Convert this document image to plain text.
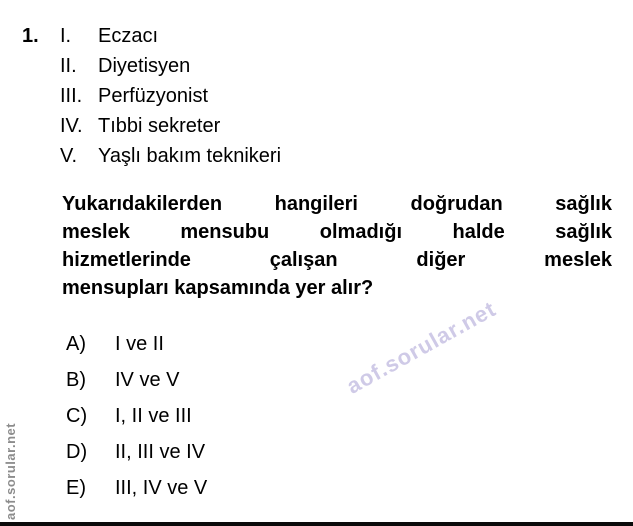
1. I.	Eczacı
II.	Diyetisyen
III. Perfüzyonist
IV. Tıbbi sekreter
V.	Yaşlı bakım teknikeri
Yukarıdakilerden hangileri doğrudan sağlık
meslek mensubu olmadığı halde sağlık
hizmetlerinde çalışan diğer meslek
mensupları kapsamında yer alır?
A)	I ve II
B)	IV ve V
C)	I, II ve III
D)	II, III ve IV
E)	III, IV ve V
aof.sorular.net
aof.sorular.net
